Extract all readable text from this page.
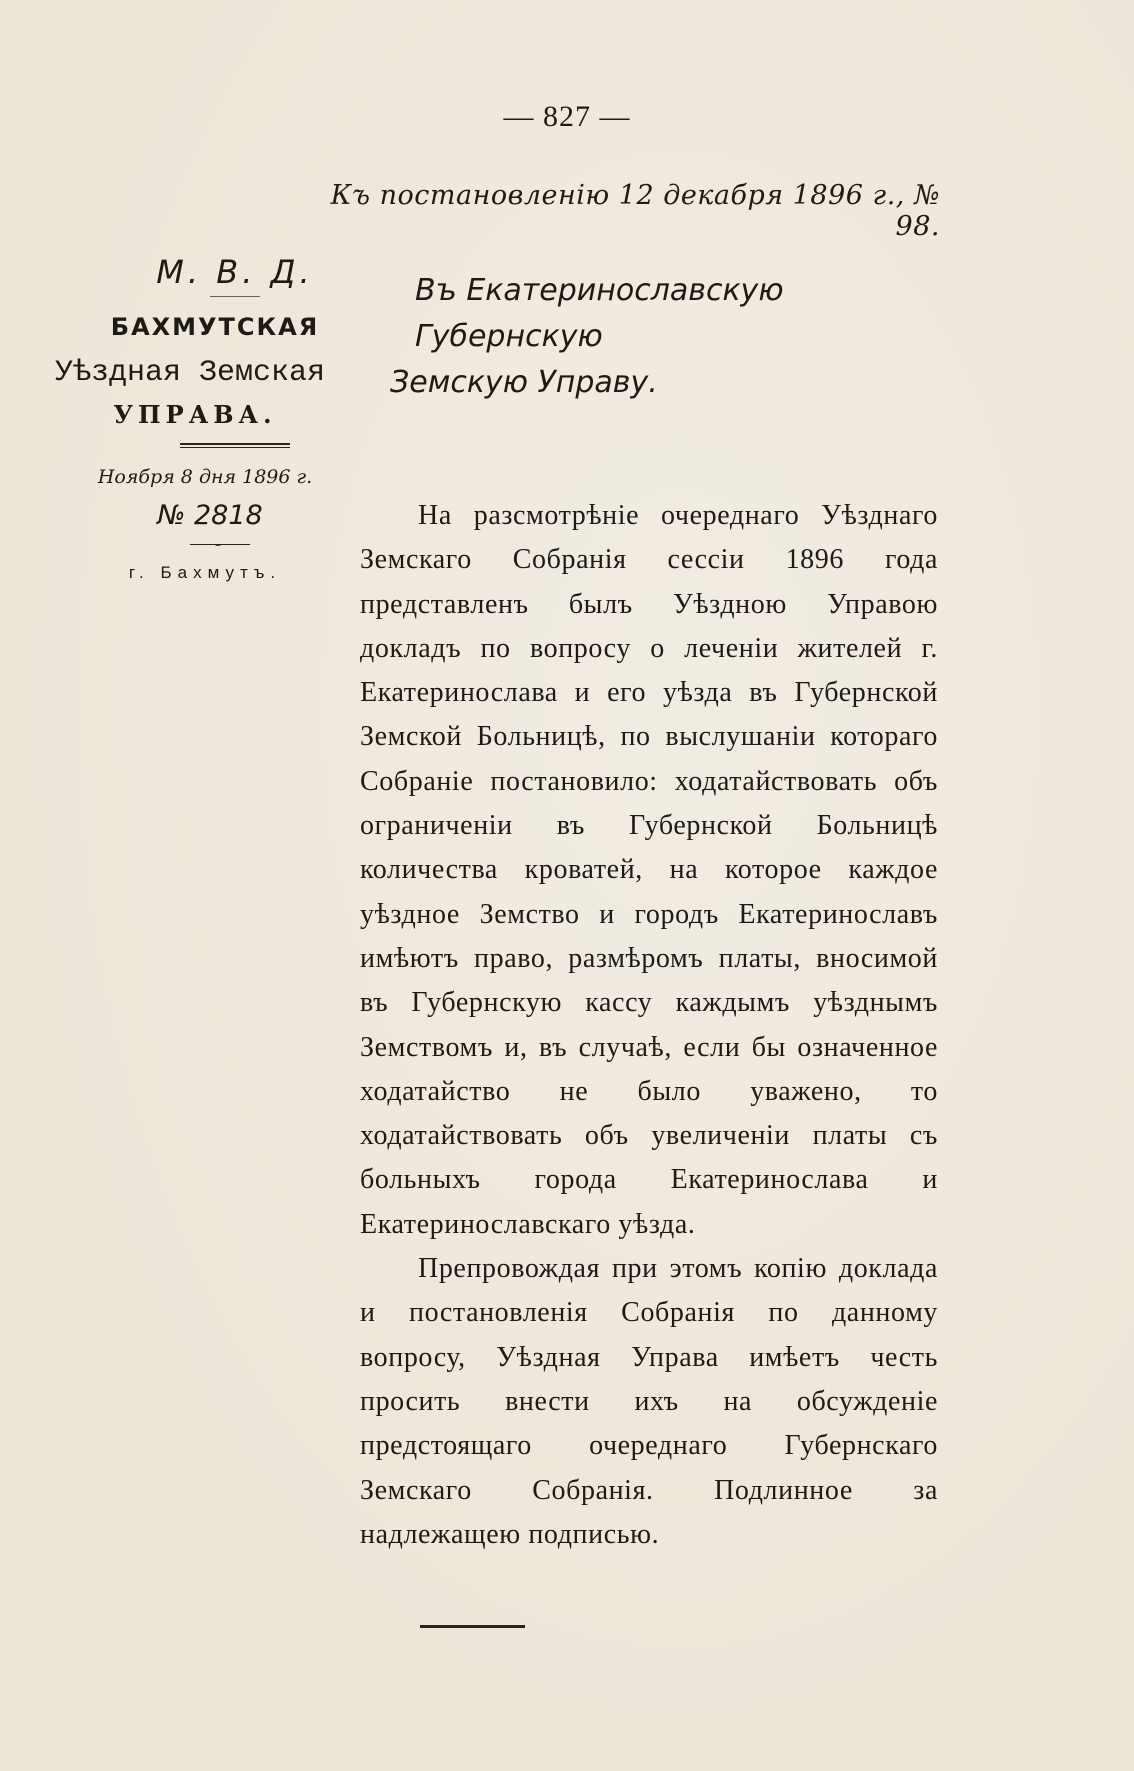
— 827 —
Къ постановленію 12 декабря 1896 г., № 98.
М. В. Д.
БАХМУТСКАЯ
Уѣздная Земская
УПРАВА.
Ноября 8 дня 1896 г.
№ 2818
г. Бахмутъ.
Въ Екатеринославскую Губернскую
Земскую Управу.

На разсмотрѣніе очереднаго Уѣзднаго Земскаго Собранія сессіи 1896 года представленъ былъ Уѣздною Управою докладъ по вопросу о леченіи жителей г. Екатеринослава и его уѣзда въ Губернской Земской Больницѣ, по выслушаніи котораго Собраніе постановило: ходатайствовать объ ограниченіи въ Губернской Больницѣ количества кроватей, на которое каждое уѣздное Земство и городъ Екатеринославъ имѣютъ право, размѣромъ платы, вносимой въ Губернскую кассу каждымъ уѣзднымъ Земствомъ и, въ случаѣ, если бы означенное ходатайство не было уважено, то ходатайствовать объ увеличеніи платы съ больныхъ города Екатеринослава и Екатеринославскаго уѣзда.

Препровождая при этомъ копію доклада и постановленія Собранія по данному вопросу, Уѣздная Управа имѣетъ честь просить внести ихъ на обсужденіе предстоящаго очереднаго Губернскаго Земскаго Собранія. Подлинное за надлежащею подписью.
